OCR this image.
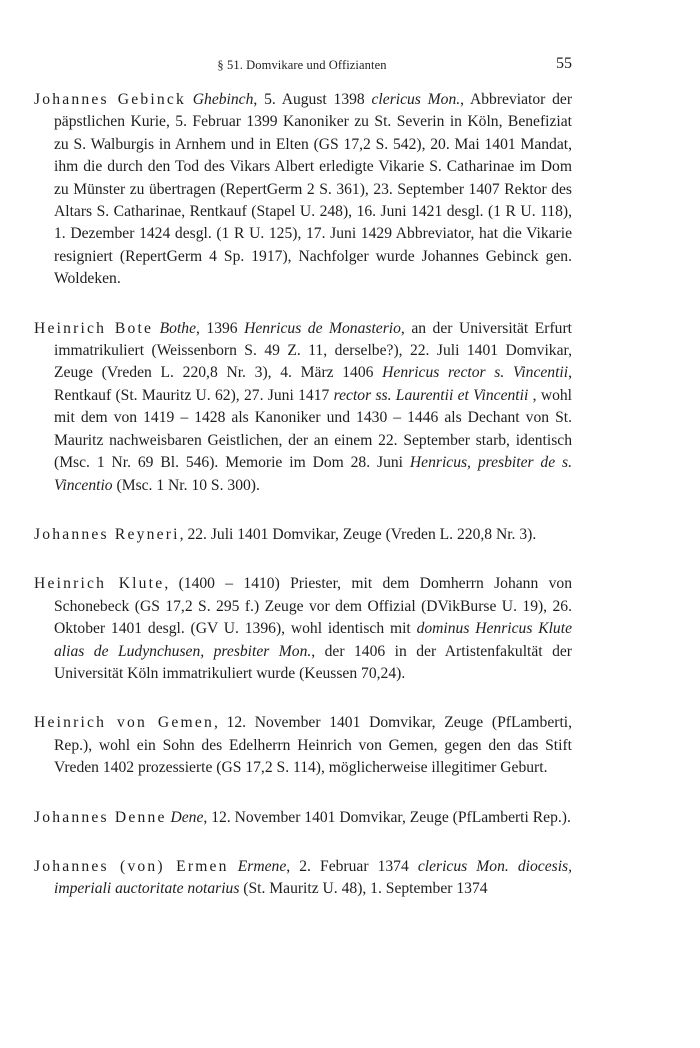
§ 51. Domvikare und Offizianten	55

Johannes Gebinck Ghebinch, 5. August 1398 clericus Mon., Abbreviator der päpstlichen Kurie, 5. Februar 1399 Kanoniker zu St. Severin in Köln, Benefiziat zu S. Walburgis in Arnhem und in Elten (GS 17,2 S. 542), 20. Mai 1401 Mandat, ihm die durch den Tod des Vikars Albert erledigte Vikarie S. Catharinae im Dom zu Münster zu übertragen (RepertGerm 2 S. 361), 23. September 1407 Rektor des Altars S. Catharinae, Rentkauf (Stapel U. 248), 16. Juni 1421 desgl. (1 R U. 118), 1. Dezember 1424 desgl. (1 R U. 125), 17. Juni 1429 Abbreviator, hat die Vikarie resigniert (RepertGerm 4 Sp. 1917), Nachfolger wurde Johannes Gebinck gen. Woldeken.

Heinrich Bote Bothe, 1396 Henricus de Monasterio, an der Universität Erfurt immatrikuliert (Weissenborn S. 49 Z. 11, derselbe?), 22. Juli 1401 Domvikar, Zeuge (Vreden L. 220,8 Nr. 3), 4. März 1406 Henricus rector s. Vincentii, Rentkauf (St. Mauritz U. 62), 27. Juni 1417 rector ss. Laurentii et Vincentii , wohl mit dem von 1419 – 1428 als Kanoniker und 1430 – 1446 als Dechant von St. Mauritz nachweisbaren Geistlichen, der an einem 22. September starb, identisch (Msc. 1 Nr. 69 Bl. 546). Memorie im Dom 28. Juni Henricus, presbiter de s. Vincentio (Msc. 1 Nr. 10 S. 300).

Johannes Reyneri, 22. Juli 1401 Domvikar, Zeuge (Vreden L. 220,8 Nr. 3).

Heinrich Klute, (1400 – 1410) Priester, mit dem Domherrn Johann von Schonebeck (GS 17,2 S. 295 f.) Zeuge vor dem Offizial (DVikBurse U. 19), 26. Oktober 1401 desgl. (GV U. 1396), wohl identisch mit dominus Henricus Klute alias de Ludynchusen, presbiter Mon., der 1406 in der Artistenfakultät der Universität Köln immatrikuliert wurde (Keussen 70,24).

Heinrich von Gemen, 12. November 1401 Domvikar, Zeuge (PfLamberti, Rep.), wohl ein Sohn des Edelherrn Heinrich von Gemen, gegen den das Stift Vreden 1402 prozessierte (GS 17,2 S. 114), möglicherweise illegitimer Geburt.

Johannes Denne Dene, 12. November 1401 Domvikar, Zeuge (PfLamberti Rep.).

Johannes (von) Ermen Ermene, 2. Februar 1374 clericus Mon. diocesis, imperiali auctoritate notarius (St. Mauritz U. 48), 1. September 1374
